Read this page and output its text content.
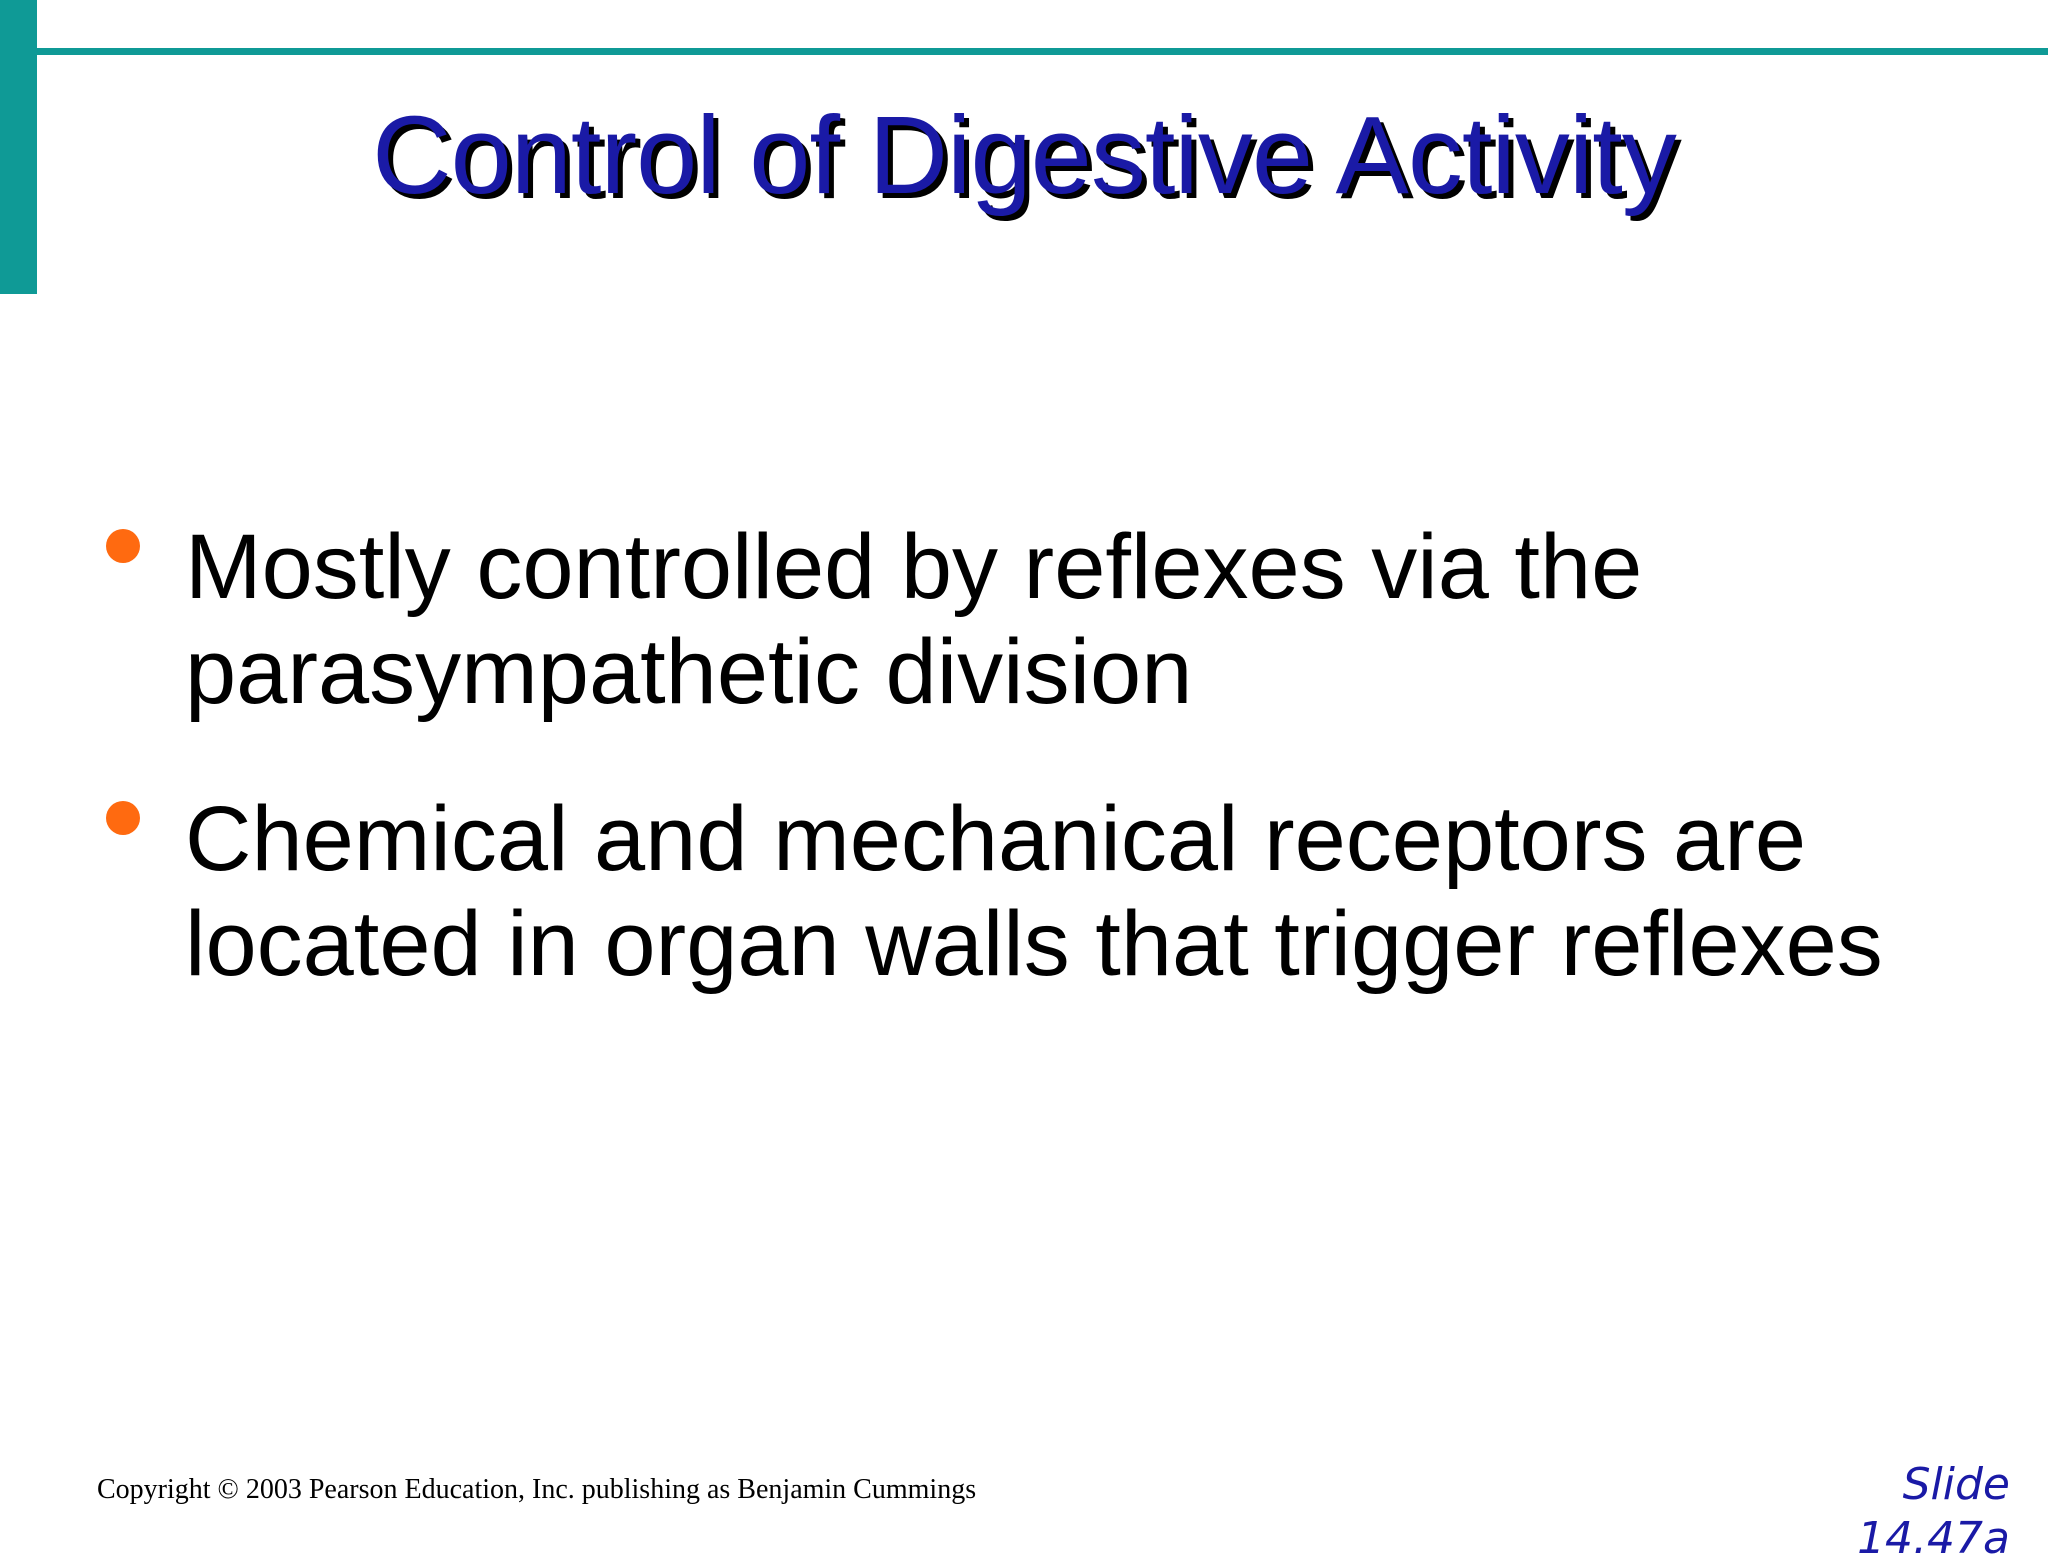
Control of Digestive Activity
Mostly controlled by reflexes via the parasympathetic division
Chemical and mechanical receptors are located in organ walls that trigger reflexes
Copyright © 2003 Pearson Education, Inc. publishing as Benjamin Cummings	Slide
14.47a
